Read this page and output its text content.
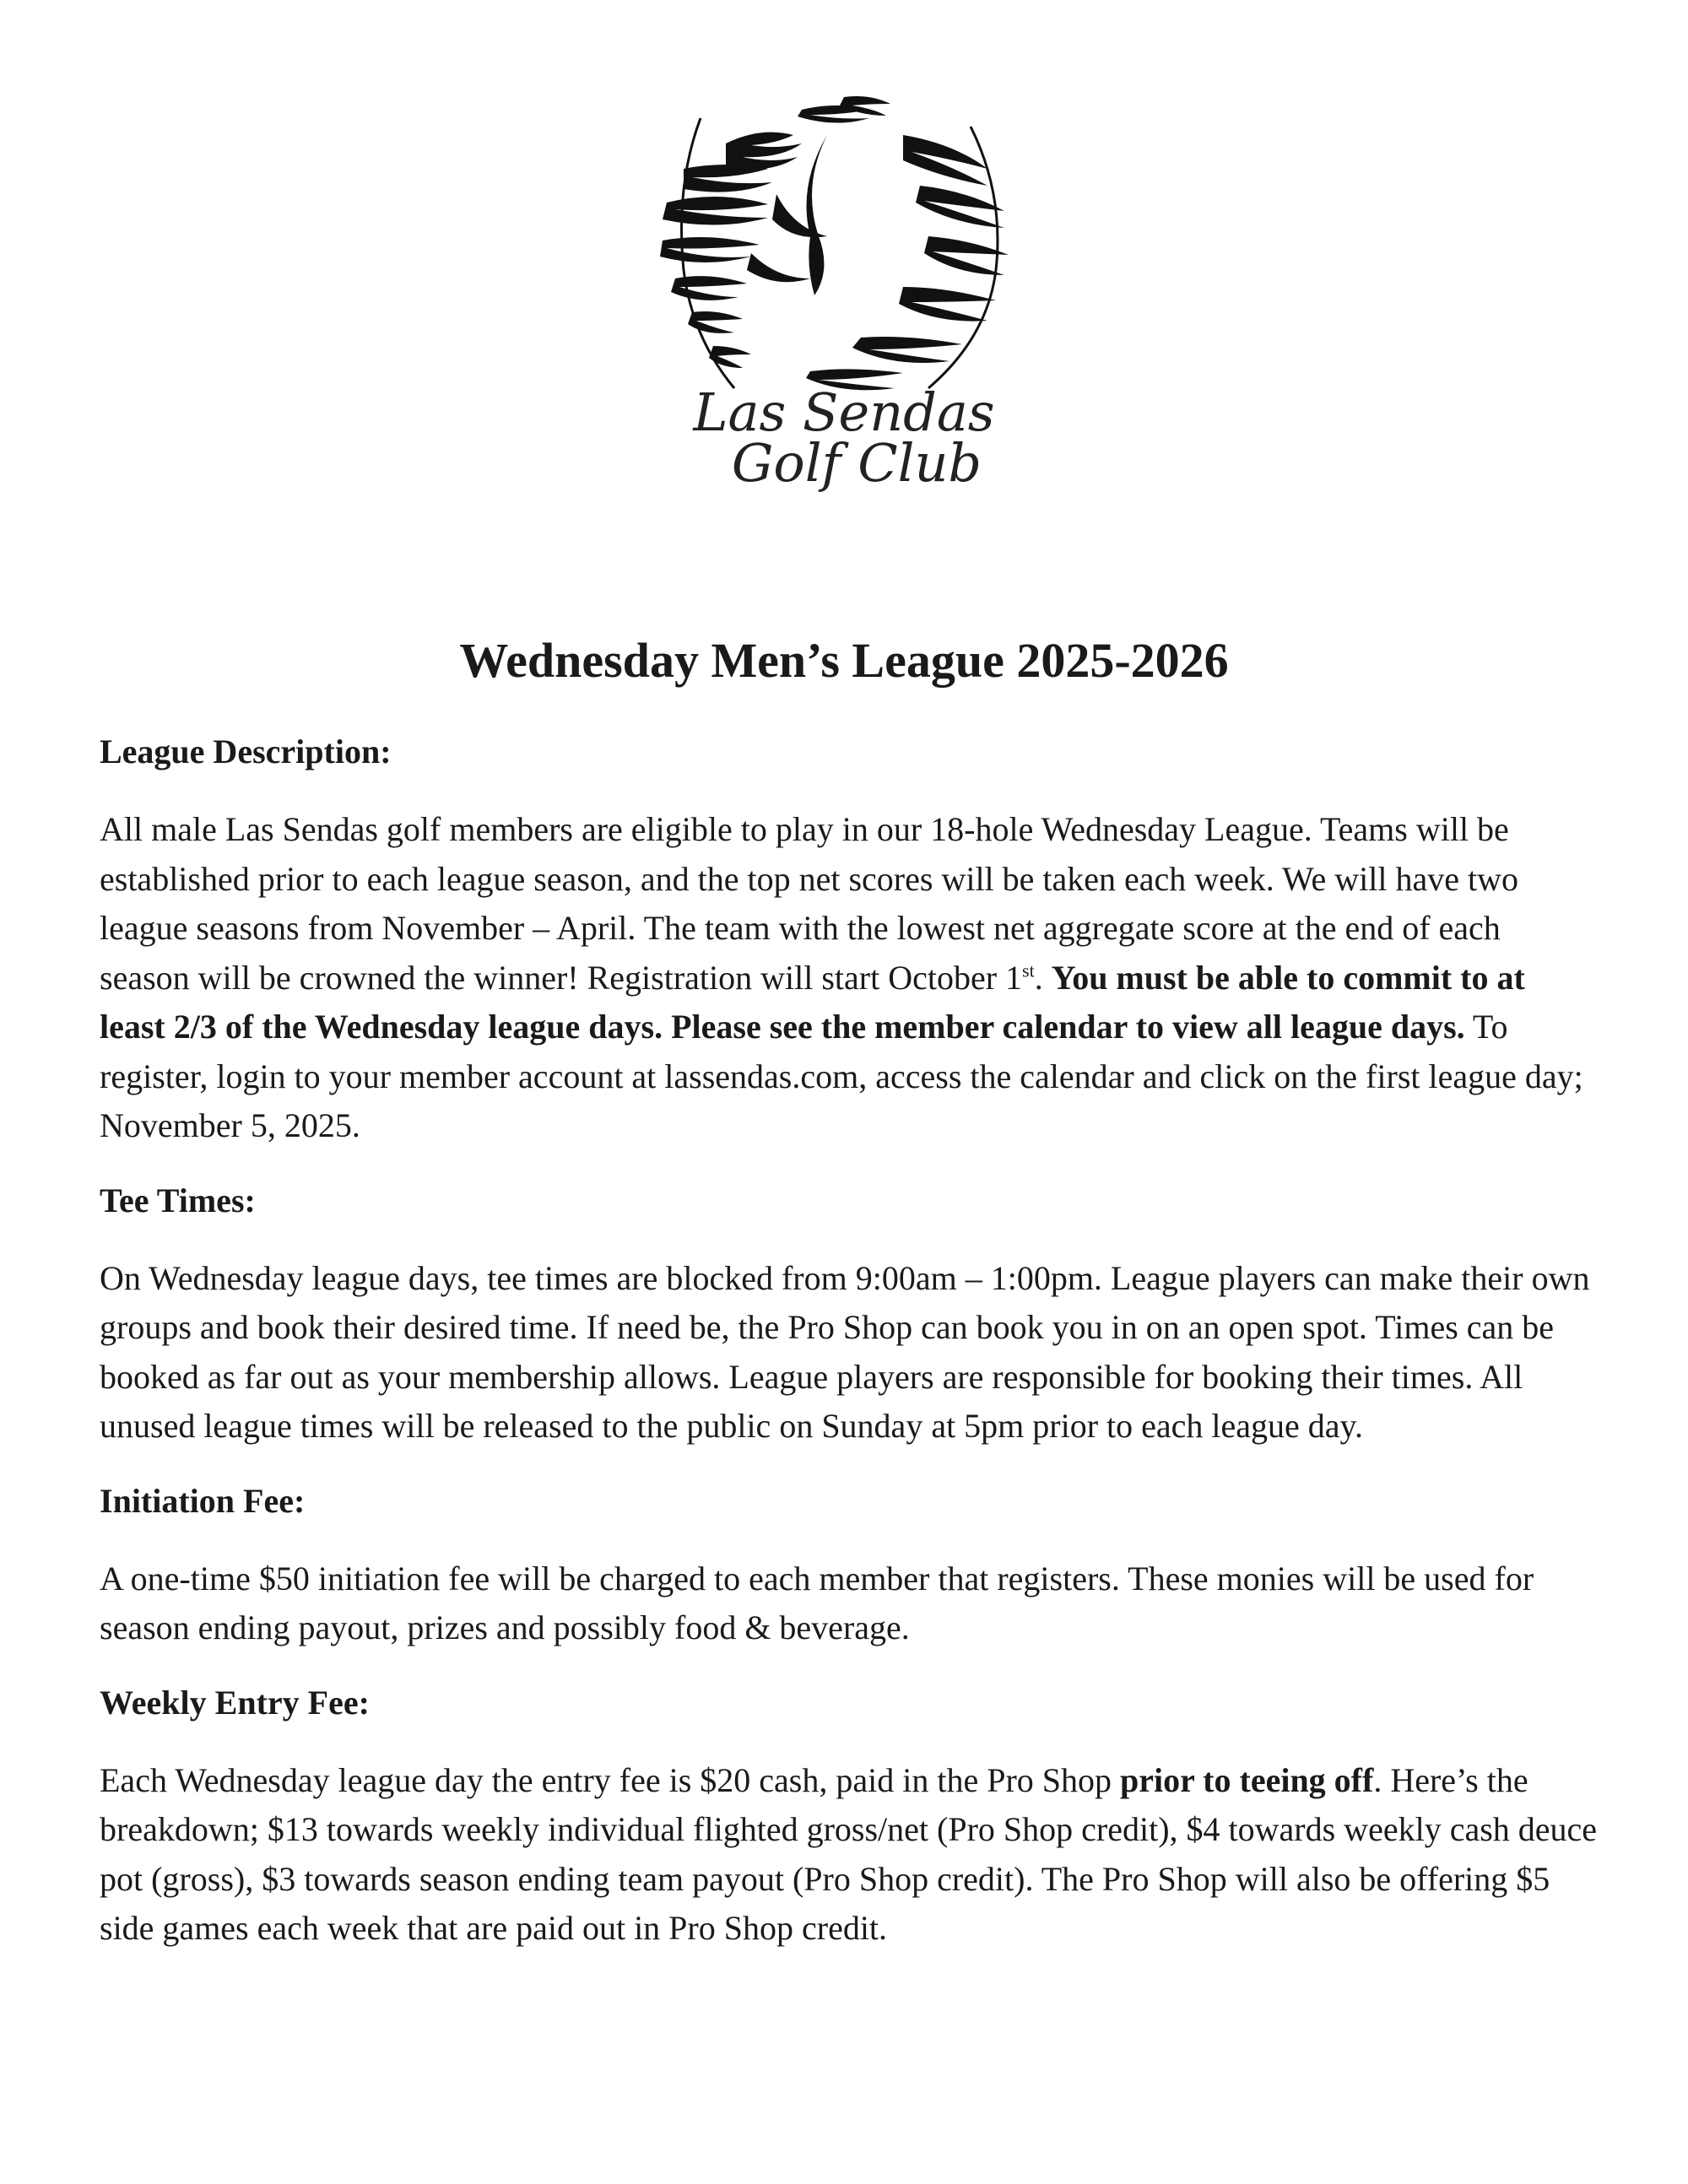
Las Sendas
Golf Club
Wednesday Men’s League 2025-2026

League Description:

All male Las Sendas golf members are eligible to play in our 18-hole Wednesday League. Teams will be established prior to each league season, and the top net scores will be taken each week. We will have two league seasons from November – April. The team with the lowest net aggregate score at the end of each season will be crowned the winner! Registration will start October 1st. You must be able to commit to at least 2/3 of the Wednesday league days. Please see the member calendar to view all league days. To register, login to your member account at lassendas.com, access the calendar and click on the first league day; November 5, 2025.

Tee Times:

On Wednesday league days, tee times are blocked from 9:00am – 1:00pm. League players can make their own groups and book their desired time. If need be, the Pro Shop can book you in on an open spot. Times can be booked as far out as your membership allows. League players are responsible for booking their times. All unused league times will be released to the public on Sunday at 5pm prior to each league day.

Initiation Fee:

A one-time $50 initiation fee will be charged to each member that registers. These monies will be used for season ending payout, prizes and possibly food & beverage.

Weekly Entry Fee:

Each Wednesday league day the entry fee is $20 cash, paid in the Pro Shop prior to teeing off. Here’s the breakdown; $13 towards weekly individual flighted gross/net (Pro Shop credit), $4 towards weekly cash deuce pot (gross), $3 towards season ending team payout (Pro Shop credit). The Pro Shop will also be offering $5 side games each week that are paid out in Pro Shop credit.
